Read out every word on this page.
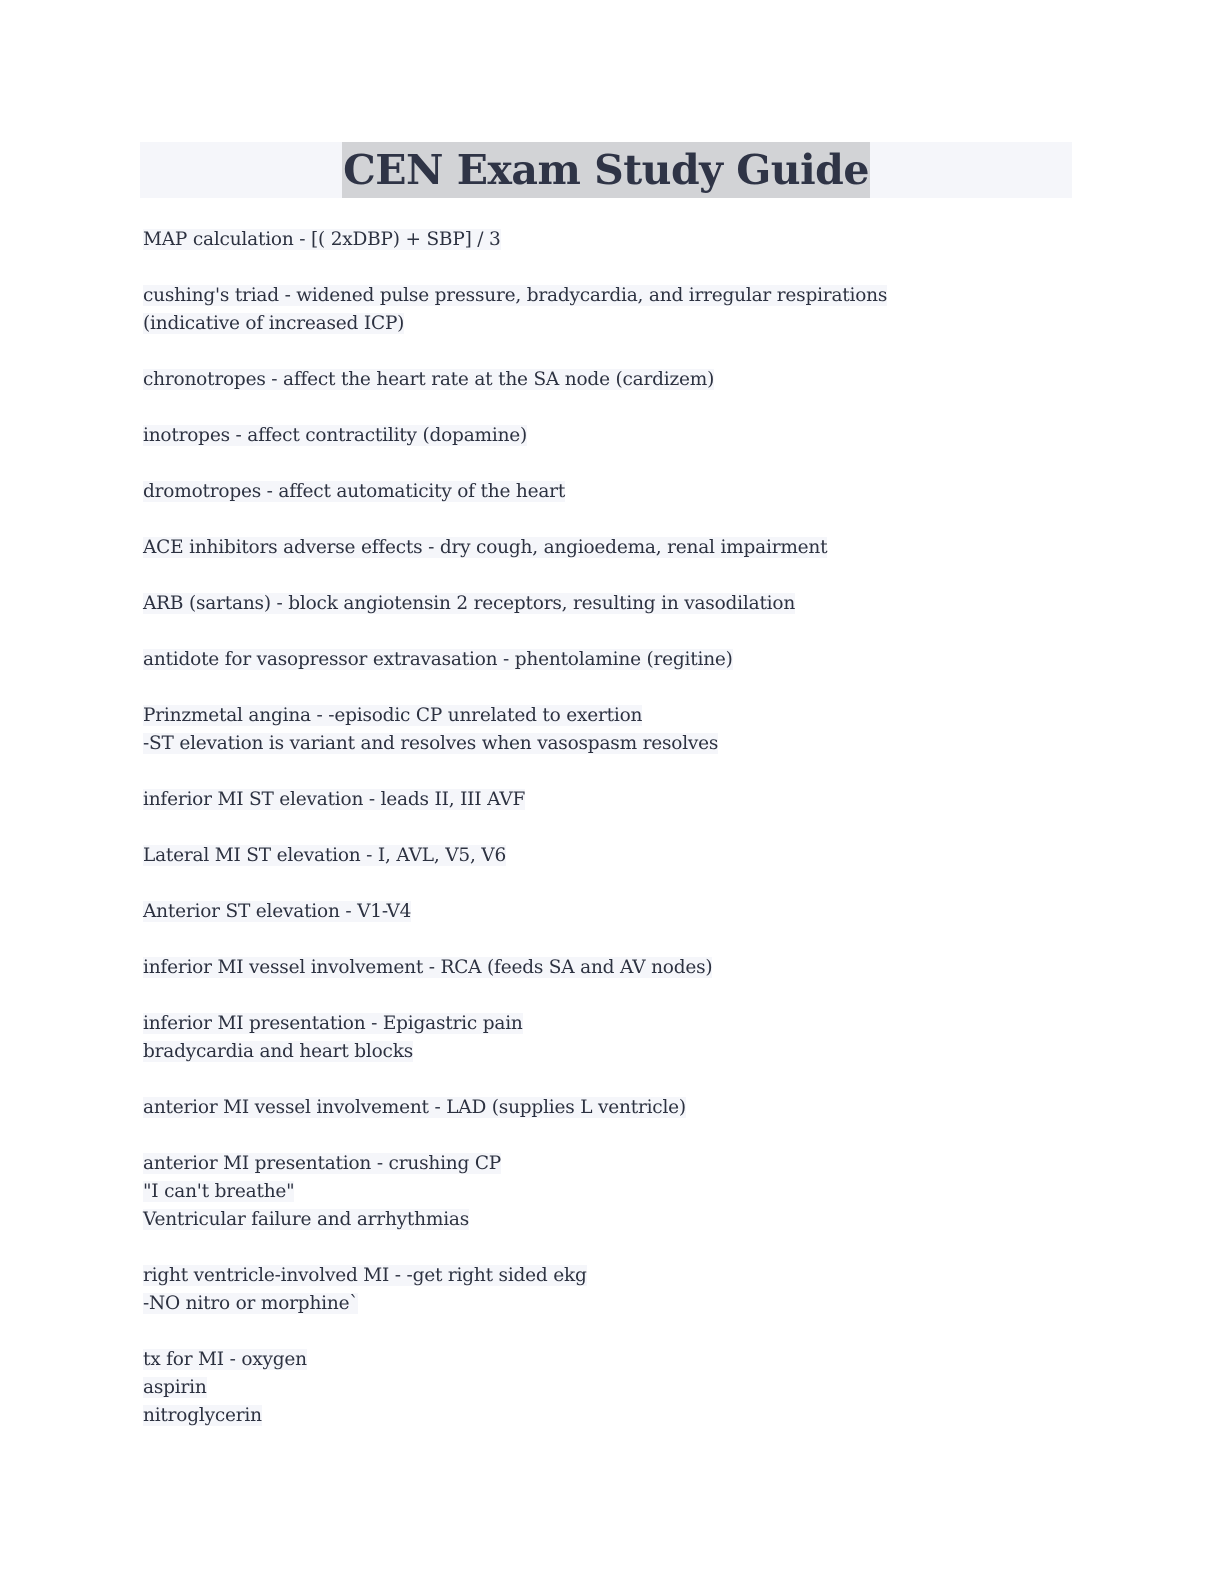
CEN Exam Study Guide
MAP calculation - [( 2xDBP) + SBP] / 3
cushing's triad - widened pulse pressure, bradycardia, and irregular respirations
(indicative of increased ICP)
chronotropes - affect the heart rate at the SA node (cardizem)
inotropes - affect contractility (dopamine)
dromotropes - affect automaticity of the heart
ACE inhibitors adverse effects - dry cough, angioedema, renal impairment
ARB (sartans) - block angiotensin 2 receptors, resulting in vasodilation
antidote for vasopressor extravasation - phentolamine (regitine)
Prinzmetal angina - -episodic CP unrelated to exertion
-ST elevation is variant and resolves when vasospasm resolves
inferior MI ST elevation - leads II, III AVF
Lateral MI ST elevation - I, AVL, V5, V6
Anterior ST elevation - V1-V4
inferior MI vessel involvement - RCA (feeds SA and AV nodes)
inferior MI presentation - Epigastric pain
bradycardia and heart blocks
anterior MI vessel involvement - LAD (supplies L ventricle)
anterior MI presentation - crushing CP
"I can't breathe"
Ventricular failure and arrhythmias
right ventricle-involved MI - -get right sided ekg
-NO nitro or morphine`
tx for MI - oxygen
aspirin
nitroglycerin
